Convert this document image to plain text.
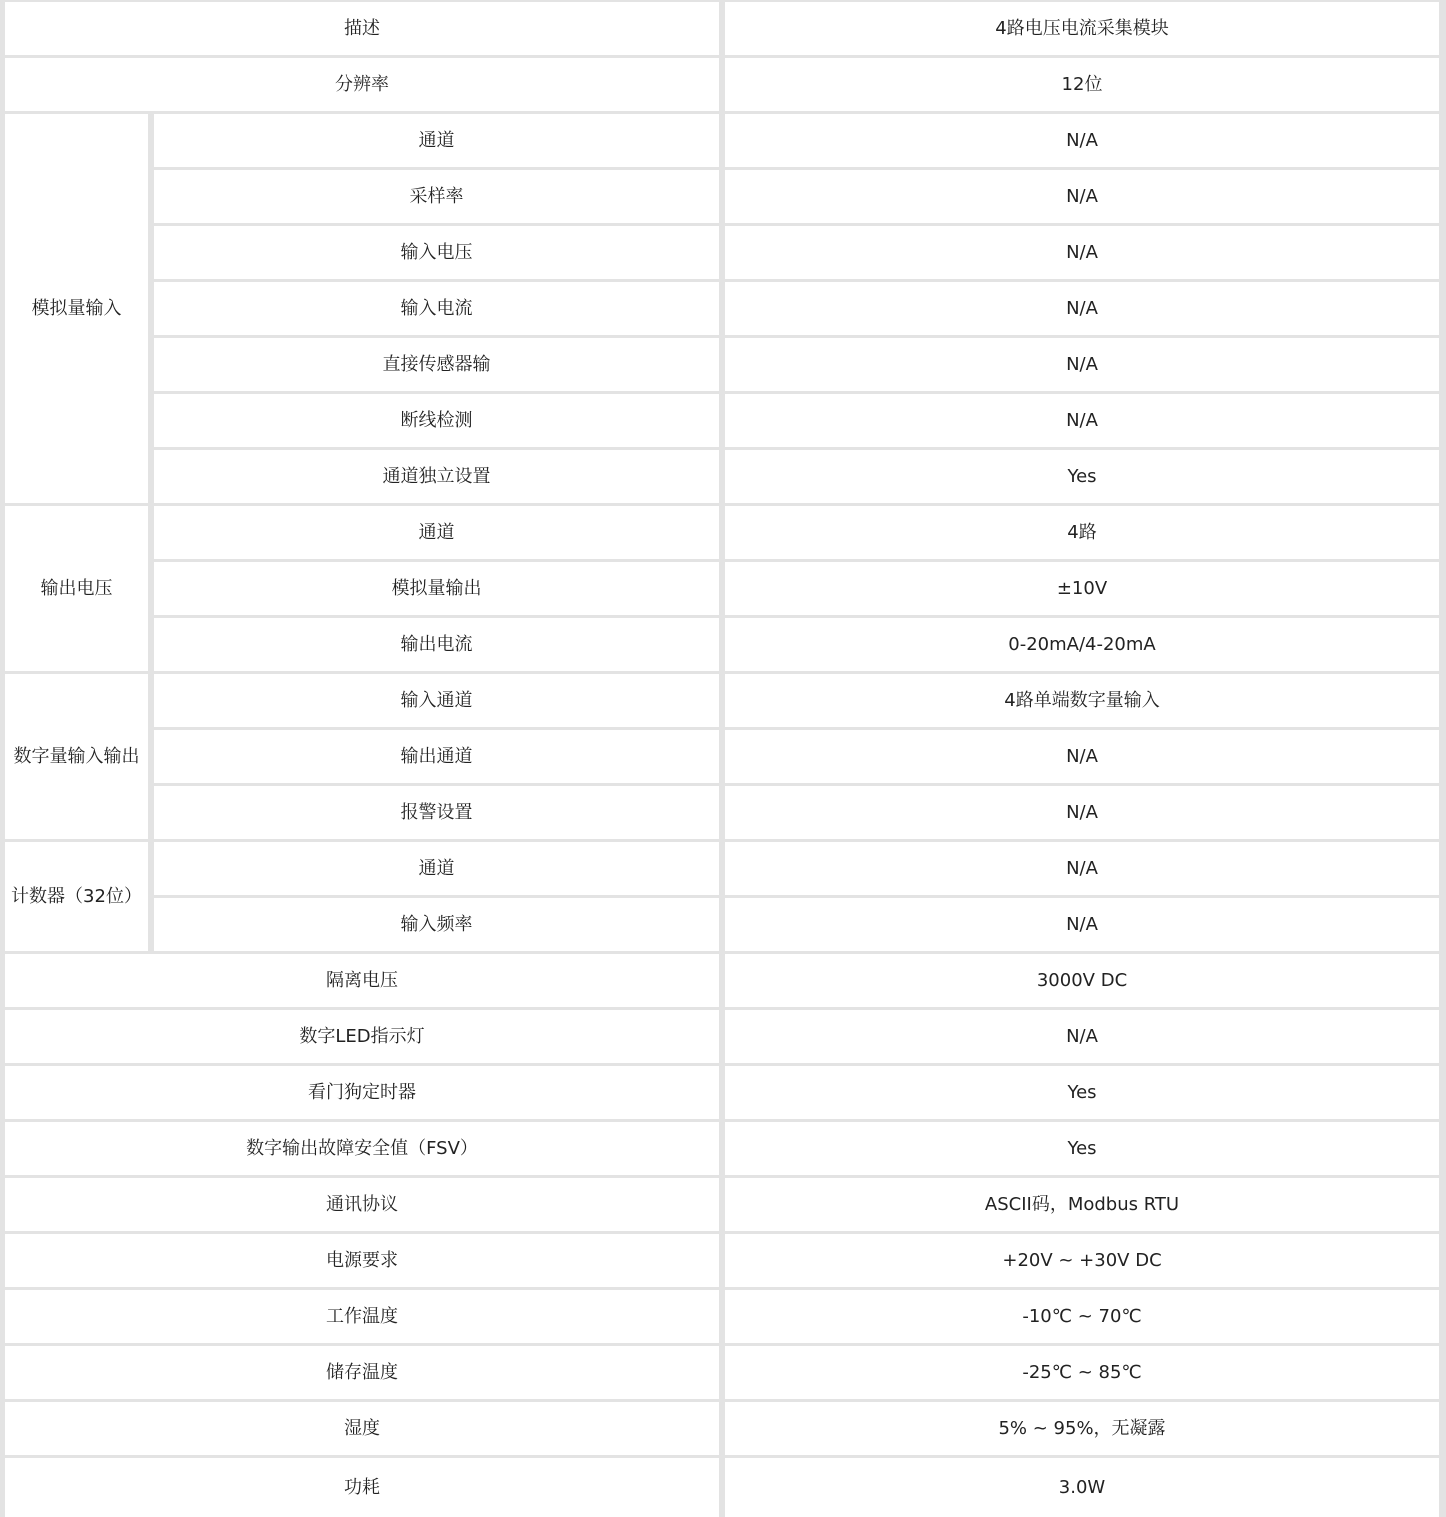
描述	4路电压电流采集模块
分辨率	12位
模拟量输入
通道	N/A
采样率	N/A
输入电压	N/A
输入电流	N/A
直接传感器输	N/A
断线检测	N/A
通道独立设置	Yes
输出电压
通道	4路
模拟量输出	±10V
输出电流	0-20mA/4-20mA
数字量输入输出
输入通道	4路单端数字量输入
输出通道	N/A
报警设置	N/A
计数器（32位）
通道	N/A
输入频率	N/A
隔离电压	3000V DC
数字LED指示灯	N/A
看门狗定时器	Yes
数字输出故障安全值（FSV）	Yes
通讯协议	ASCII码，Modbus RTU
电源要求	+20V ~ +30V DC
工作温度	-10℃ ~ 70℃
储存温度	-25℃ ~ 85℃
湿度	5% ~ 95%，无凝露
功耗	3.0W
